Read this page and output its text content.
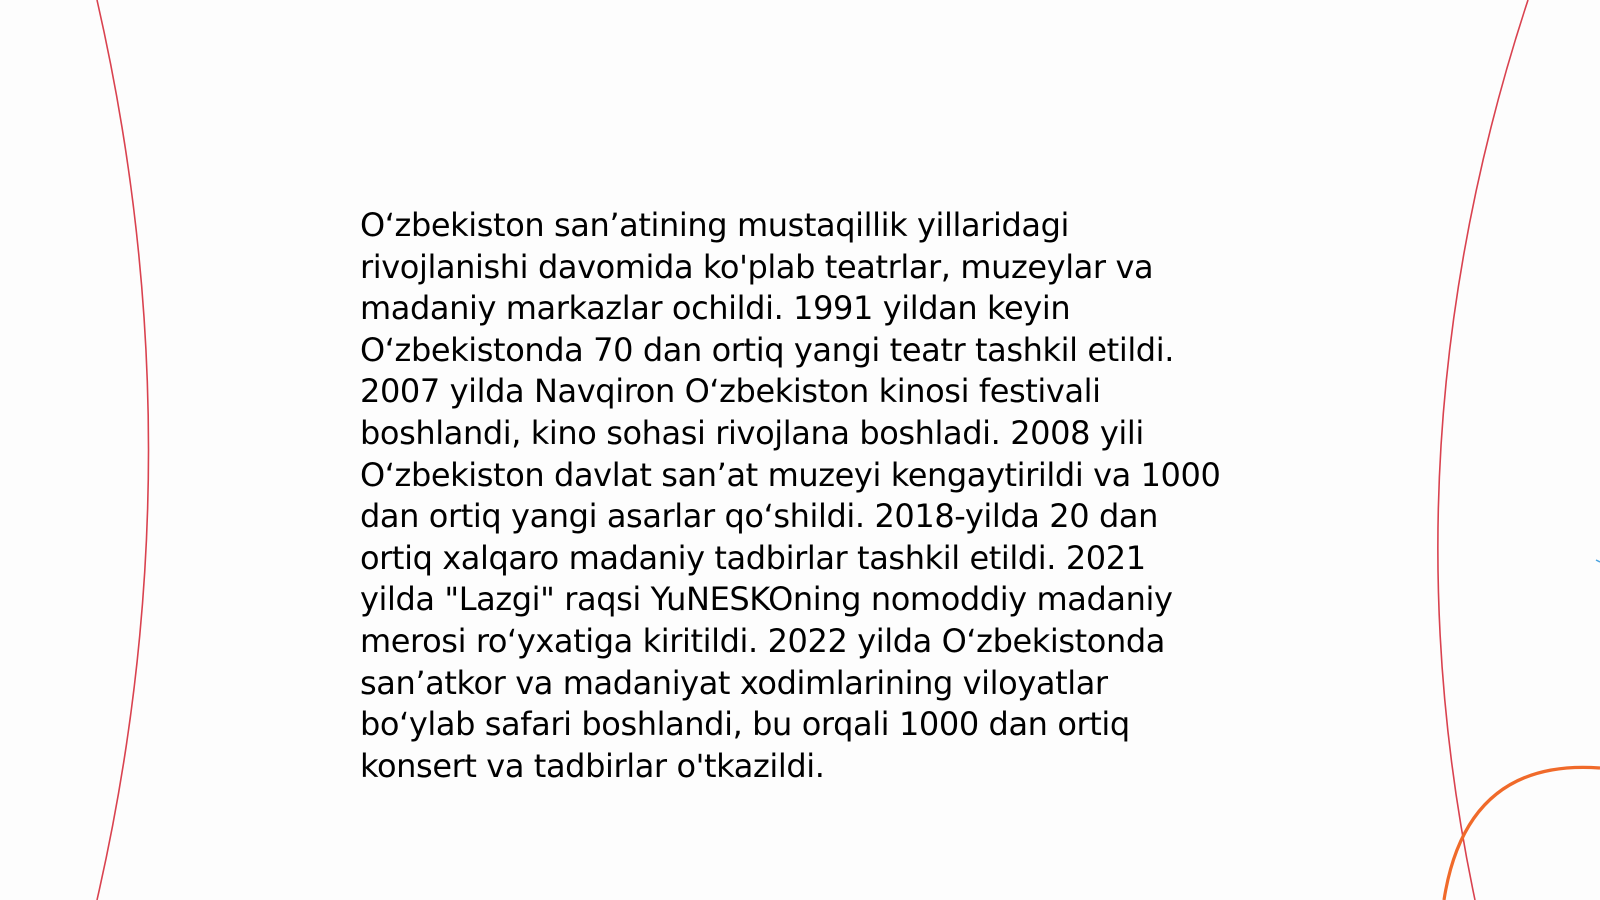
O‘zbekiston san’atining mustaqillik yillaridagi
rivojlanishi davomida ko'plab teatrlar, muzeylar va
madaniy markazlar ochildi. 1991 yildan keyin
O‘zbekistonda 70 dan ortiq yangi teatr tashkil etildi.
2007 yilda Navqiron O‘zbekiston kinosi festivali
boshlandi, kino sohasi rivojlana boshladi. 2008 yili
O‘zbekiston davlat san’at muzeyi kengaytirildi va 1000
dan ortiq yangi asarlar qo‘shildi. 2018-yilda 20 dan
ortiq xalqaro madaniy tadbirlar tashkil etildi. 2021
yilda "Lazgi" raqsi YuNESKOning nomoddiy madaniy
merosi ro‘yxatiga kiritildi. 2022 yilda O‘zbekistonda
san’atkor va madaniyat xodimlarining viloyatlar
bo‘ylab safari boshlandi, bu orqali 1000 dan ortiq
konsert va tadbirlar o'tkazildi.
